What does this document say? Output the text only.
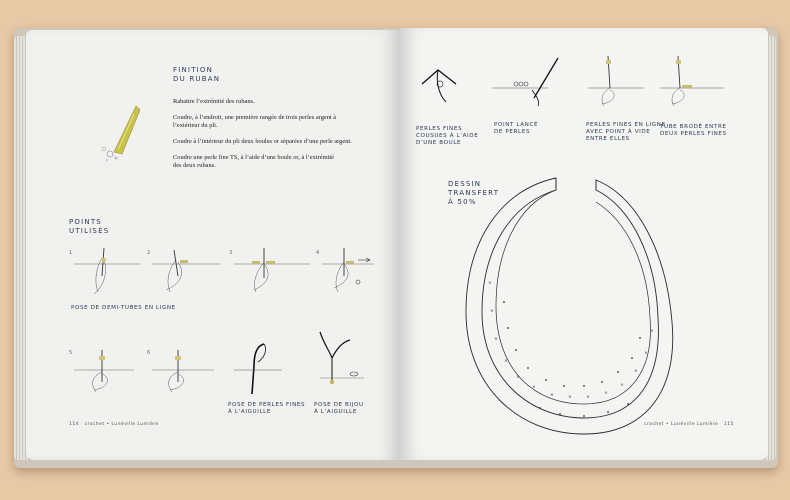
FINITION
DU RUBAN
Rabattre l’extrémité des rubans.
Coudre, à l’endroit, une première rangée de trois perles argent à
l’extérieur du pli.
Coudre à l’intérieur du pli deux boules or séparées d’une perle argent.
Coudre une perle fine TS, à l’aide d’une boule or, à l’extrémité
des deux rubans.
POINTS
UTILISÉS
1	2	3	4
5	6
POSE DE DEMI-TUBES EN LIGNE
POSE DE PERLES FINES
À L’AIGUILLE
POSE DE BIJOU
À L’AIGUILLE
114 crochet • Lunéville Lumière
PERLES FINES
COUSUES À L’AIDE
D’UNE BOULE
POINT LANCÉ
DE PERLES
PERLES FINES EN LIGNE
AVEC POINT À VIDE
ENTRE ELLES
TUBE BRODÉ ENTRE
DEUX PERLES FINES
DESSIN
TRANSFERT
À 50%
×
×
×
×
×
×
×	×	×
×
×
×
×
×
crochet • Lunéville Lumière 115
